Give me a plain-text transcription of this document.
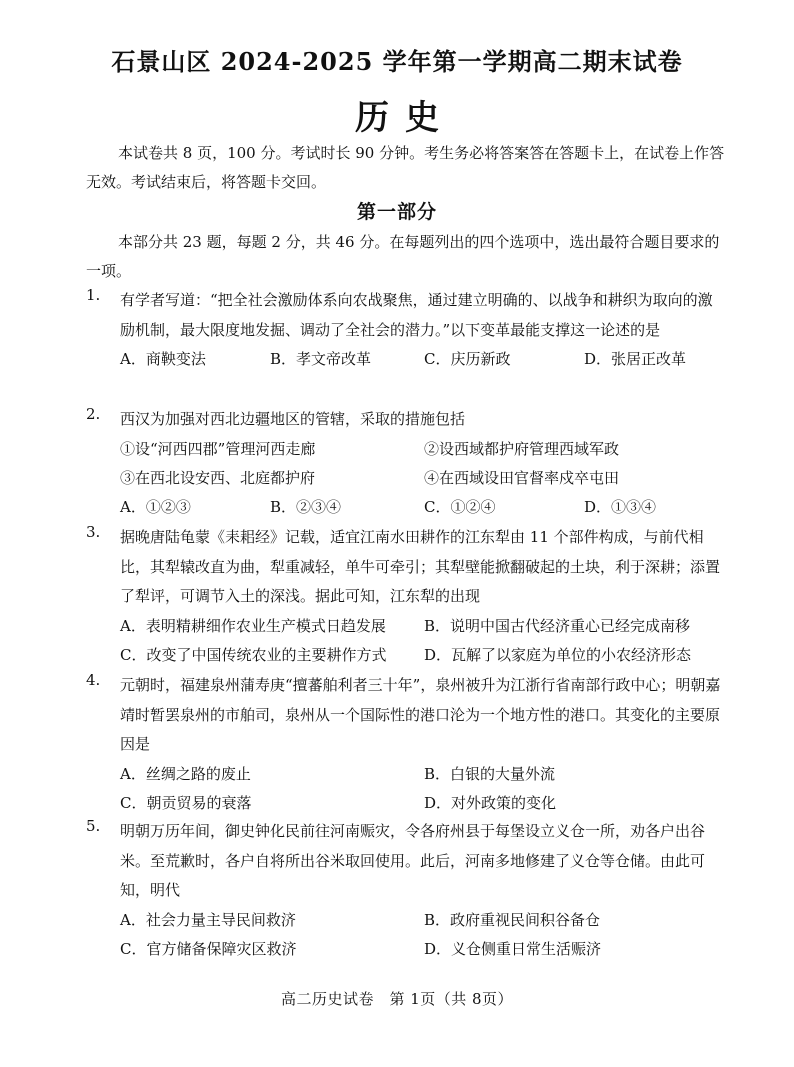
石景山区 2024-2025 学年第一学期高二期末试卷
历史
本试卷共 8 页，100 分。考试时长 90 分钟。考生务必将答案答在答题卡上，在试卷上作答无效。考试结束后，将答题卡交回。
第一部分
本部分共 23 题，每题 2 分，共 46 分。在每题列出的四个选项中，选出最符合题目要求的一项。
1.	有学者写道：“把全社会激励体系向农战聚焦，通过建立明确的、以战争和耕织为取向的激励机制，最大限度地发掘、调动了全社会的潜力。”以下变革最能支撑这一论述的是
A．商鞅变法	B．孝文帝改革	C．庆历新政	D．张居正改革
2.	西汉为加强对西北边疆地区的管辖，采取的措施包括
①设“河西四郡”管理河西走廊	②设西域都护府管理西域军政
③在西北设安西、北庭都护府	④在西域设田官督率戍卒屯田
A．①②③	B．②③④	C．①②④	D．①③④
3.	据晚唐陆龟蒙《耒耜经》记载，适宜江南水田耕作的江东犁由 11 个部件构成，与前代相比，其犁辕改直为曲，犁重减轻，单牛可牵引；其犁壁能掀翻破起的土块，利于深耕；添置了犁评，可调节入土的深浅。据此可知，江东犁的出现
A．表明精耕细作农业生产模式日趋发展	B．说明中国古代经济重心已经完成南移
C．改变了中国传统农业的主要耕作方式	D．瓦解了以家庭为单位的小农经济形态
4.	元朝时，福建泉州蒲寿庚“擅蕃舶利者三十年”，泉州被升为江浙行省南部行政中心；明朝嘉靖时暂罢泉州的市舶司，泉州从一个国际性的港口沦为一个地方性的港口。其变化的主要原因是
A．丝绸之路的废止	B．白银的大量外流
C．朝贡贸易的衰落	D．对外政策的变化
5.	明朝万历年间，御史钟化民前往河南赈灾，令各府州县于每堡设立义仓一所，劝各户出谷米。至荒歉时，各户自将所出谷米取回使用。此后，河南多地修建了义仓等仓储。由此可知，明代
A．社会力量主导民间救济	B．政府重视民间积谷备仓
C．官方储备保障灾区救济	D．义仓侧重日常生活赈济
高二历史试卷　第 1页（共 8页）
